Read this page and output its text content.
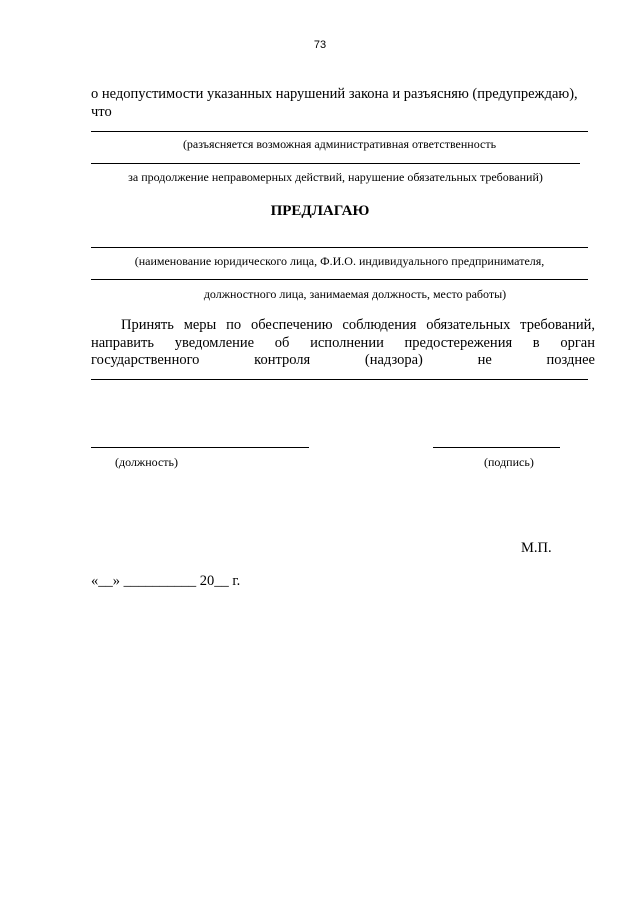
73
о недопустимости указанных нарушений закона и разъясняю (предупреждаю),
что
(разъясняется возможная административная ответственность
за продолжение неправомерных действий, нарушение обязательных требований)
ПРЕДЛАГАЮ
(наименование юридического лица, Ф.И.О. индивидуального предпринимателя,
должностного лица, занимаемая должность, место работы)
Принять меры по обеспечению соблюдения обязательных требований,
направить уведомление об исполнении предостережения в орган
государственного контроля (надзора) не позднее
(должность)	(подпись)
М.П.
«__» __________ 20__ г.
